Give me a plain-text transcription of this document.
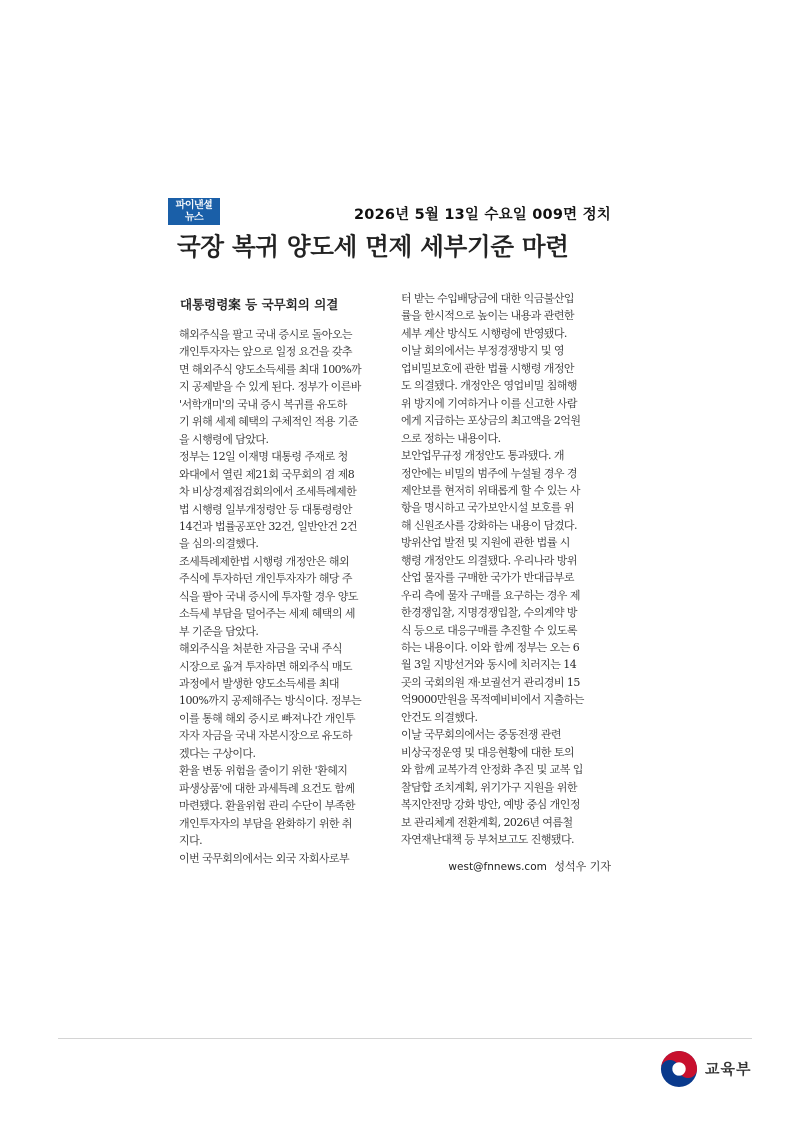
파이낸셜
뉴스	2026년 5월 13일 수요일 009면 정치
국장 복귀 양도세 면제 세부기준 마련
대통령령案 등 국무회의 의결
해외주식을 팔고 국내 증시로 돌아오는
개인투자자는 앞으로 일정 요건을 갖추
면 해외주식 양도소득세를 최대 100%까
지 공제받을 수 있게 된다. 정부가 이른바
'서학개미'의 국내 증시 복귀를 유도하
기 위해 세제 혜택의 구체적인 적용 기준
을 시행령에 담았다.
정부는 12일 이재명 대통령 주재로 청
와대에서 열린 제21회 국무회의 겸 제8
차 비상경제점검회의에서 조세특례제한
법 시행령 일부개정령안 등 대통령령안
14건과 법률공포안 32건, 일반안건 2건
을 심의·의결했다.
조세특례제한법 시행령 개정안은 해외
주식에 투자하던 개인투자자가 해당 주
식을 팔아 국내 증시에 투자할 경우 양도
소득세 부담을 덜어주는 세제 혜택의 세
부 기준을 담았다.
해외주식을 처분한 자금을 국내 주식
시장으로 옮겨 투자하면 해외주식 매도
과정에서 발생한 양도소득세를 최대
100%까지 공제해주는 방식이다. 정부는
이를 통해 해외 증시로 빠져나간 개인투
자자 자금을 국내 자본시장으로 유도하
겠다는 구상이다.
환율 변동 위험을 줄이기 위한 '환헤지
파생상품'에 대한 과세특례 요건도 함께
마련됐다. 환율위험 관리 수단이 부족한
개인투자자의 부담을 완화하기 위한 취
지다.
이번 국무회의에서는 외국 자회사로부
터 받는 수입배당금에 대한 익금불산입
률을 한시적으로 높이는 내용과 관련한
세부 계산 방식도 시행령에 반영됐다.
이날 회의에서는 부정경쟁방지 및 영
업비밀보호에 관한 법률 시행령 개정안
도 의결됐다. 개정안은 영업비밀 침해행
위 방지에 기여하거나 이를 신고한 사람
에게 지급하는 포상금의 최고액을 2억원
으로 정하는 내용이다.
보안업무규정 개정안도 통과됐다. 개
정안에는 비밀의 범주에 누설될 경우 경
제안보를 현저히 위태롭게 할 수 있는 사
항을 명시하고 국가보안시설 보호를 위
해 신원조사를 강화하는 내용이 담겼다.
방위산업 발전 및 지원에 관한 법률 시
행령 개정안도 의결됐다. 우리나라 방위
산업 물자를 구매한 국가가 반대급부로
우리 측에 물자 구매를 요구하는 경우 제
한경쟁입찰, 지명경쟁입찰, 수의계약 방
식 등으로 대응구매를 추진할 수 있도록
하는 내용이다. 이와 함께 정부는 오는 6
월 3일 지방선거와 동시에 치러지는 14
곳의 국회의원 재·보궐선거 관리경비 15
억9000만원을 목적예비비에서 지출하는
안건도 의결했다.
이날 국무회의에서는 중동전쟁 관련
비상국정운영 및 대응현황에 대한 토의
와 함께 교복가격 안정화 추진 및 교복 입
찰담합 조치계획, 위기가구 지원을 위한
복지안전망 강화 방안, 예방 중심 개인정
보 관리체계 전환계획, 2026년 여름철
자연재난대책 등 부처보고도 진행됐다.
west@fnnews.com 성석우 기자
교육부
